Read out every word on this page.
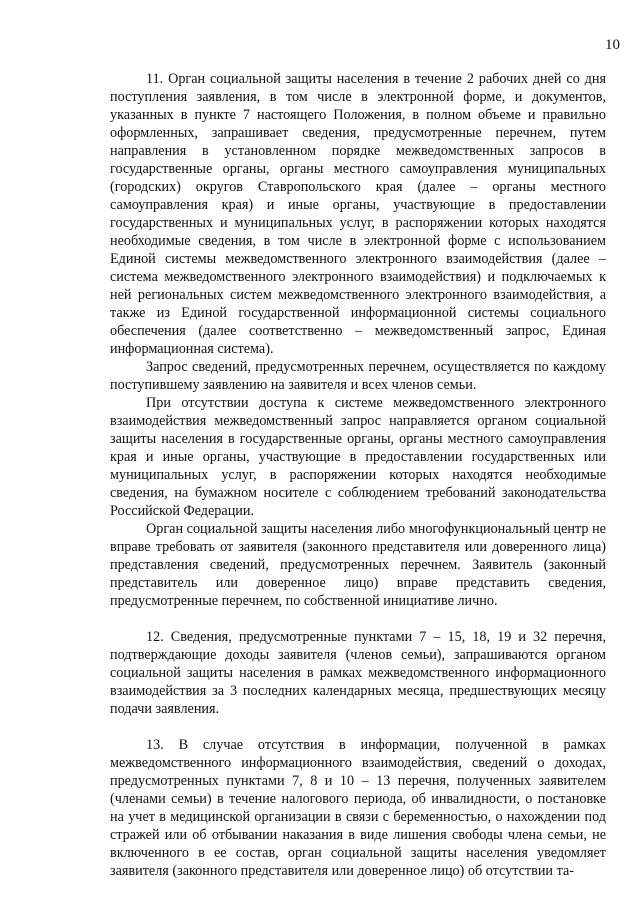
10

11. Орган социальной защиты населения в течение 2 рабочих дней со дня поступления заявления, в том числе в электронной форме, и документов, указанных в пункте 7 настоящего Положения, в полном объеме и правильно оформленных, запрашивает сведения, предусмотренные перечнем, путем направления в установленном порядке межведомственных запросов в государственные органы, органы местного самоуправления муниципальных (городских) округов Ставропольского края (далее – органы местного самоуправления края) и иные органы, участвующие в предоставлении государственных и муниципальных услуг, в распоряжении которых находятся необходимые сведения, в том числе в электронной форме с использованием Единой системы межведомственного электронного взаимодействия (далее – система межведомственного электронного взаимодействия) и подключаемых к ней региональных систем межведомственного электронного взаимодействия, а также из Единой государственной информационной системы социального обеспечения (далее соответственно – межведомственный запрос, Единая информационная система).

Запрос сведений, предусмотренных перечнем, осуществляется по каждому поступившему заявлению на заявителя и всех членов семьи.

При отсутствии доступа к системе межведомственного электронного взаимодействия межведомственный запрос направляется органом социальной защиты населения в государственные органы, органы местного самоуправления края и иные органы, участвующие в предоставлении государственных или муниципальных услуг, в распоряжении которых находятся необходимые сведения, на бумажном носителе с соблюдением требований законодательства Российской Федерации.

Орган социальной защиты населения либо многофункциональный центр не вправе требовать от заявителя (законного представителя или доверенного лица) представления сведений, предусмотренных перечнем. Заявитель (законный представитель или доверенное лицо) вправе представить сведения, предусмотренные перечнем, по собственной инициативе лично.

12. Сведения, предусмотренные пунктами 7 – 15, 18, 19 и 32 перечня, подтверждающие доходы заявителя (членов семьи), запрашиваются органом социальной защиты населения в рамках межведомственного информационного взаимодействия за 3 последних календарных месяца, предшествующих месяцу подачи заявления.

13. В случае отсутствия в информации, полученной в рамках межведомственного информационного взаимодействия, сведений о доходах, предусмотренных пунктами 7, 8 и 10 – 13 перечня, полученных заявителем (членами семьи) в течение налогового периода, об инвалидности, о постановке на учет в медицинской организации в связи с беременностью, о нахождении под стражей или об отбывании наказания в виде лишения свободы члена семьи, не включенного в ее состав, орган социальной защиты населения уведомляет заявителя (законного представителя или доверенное лицо) об отсутствии та-
